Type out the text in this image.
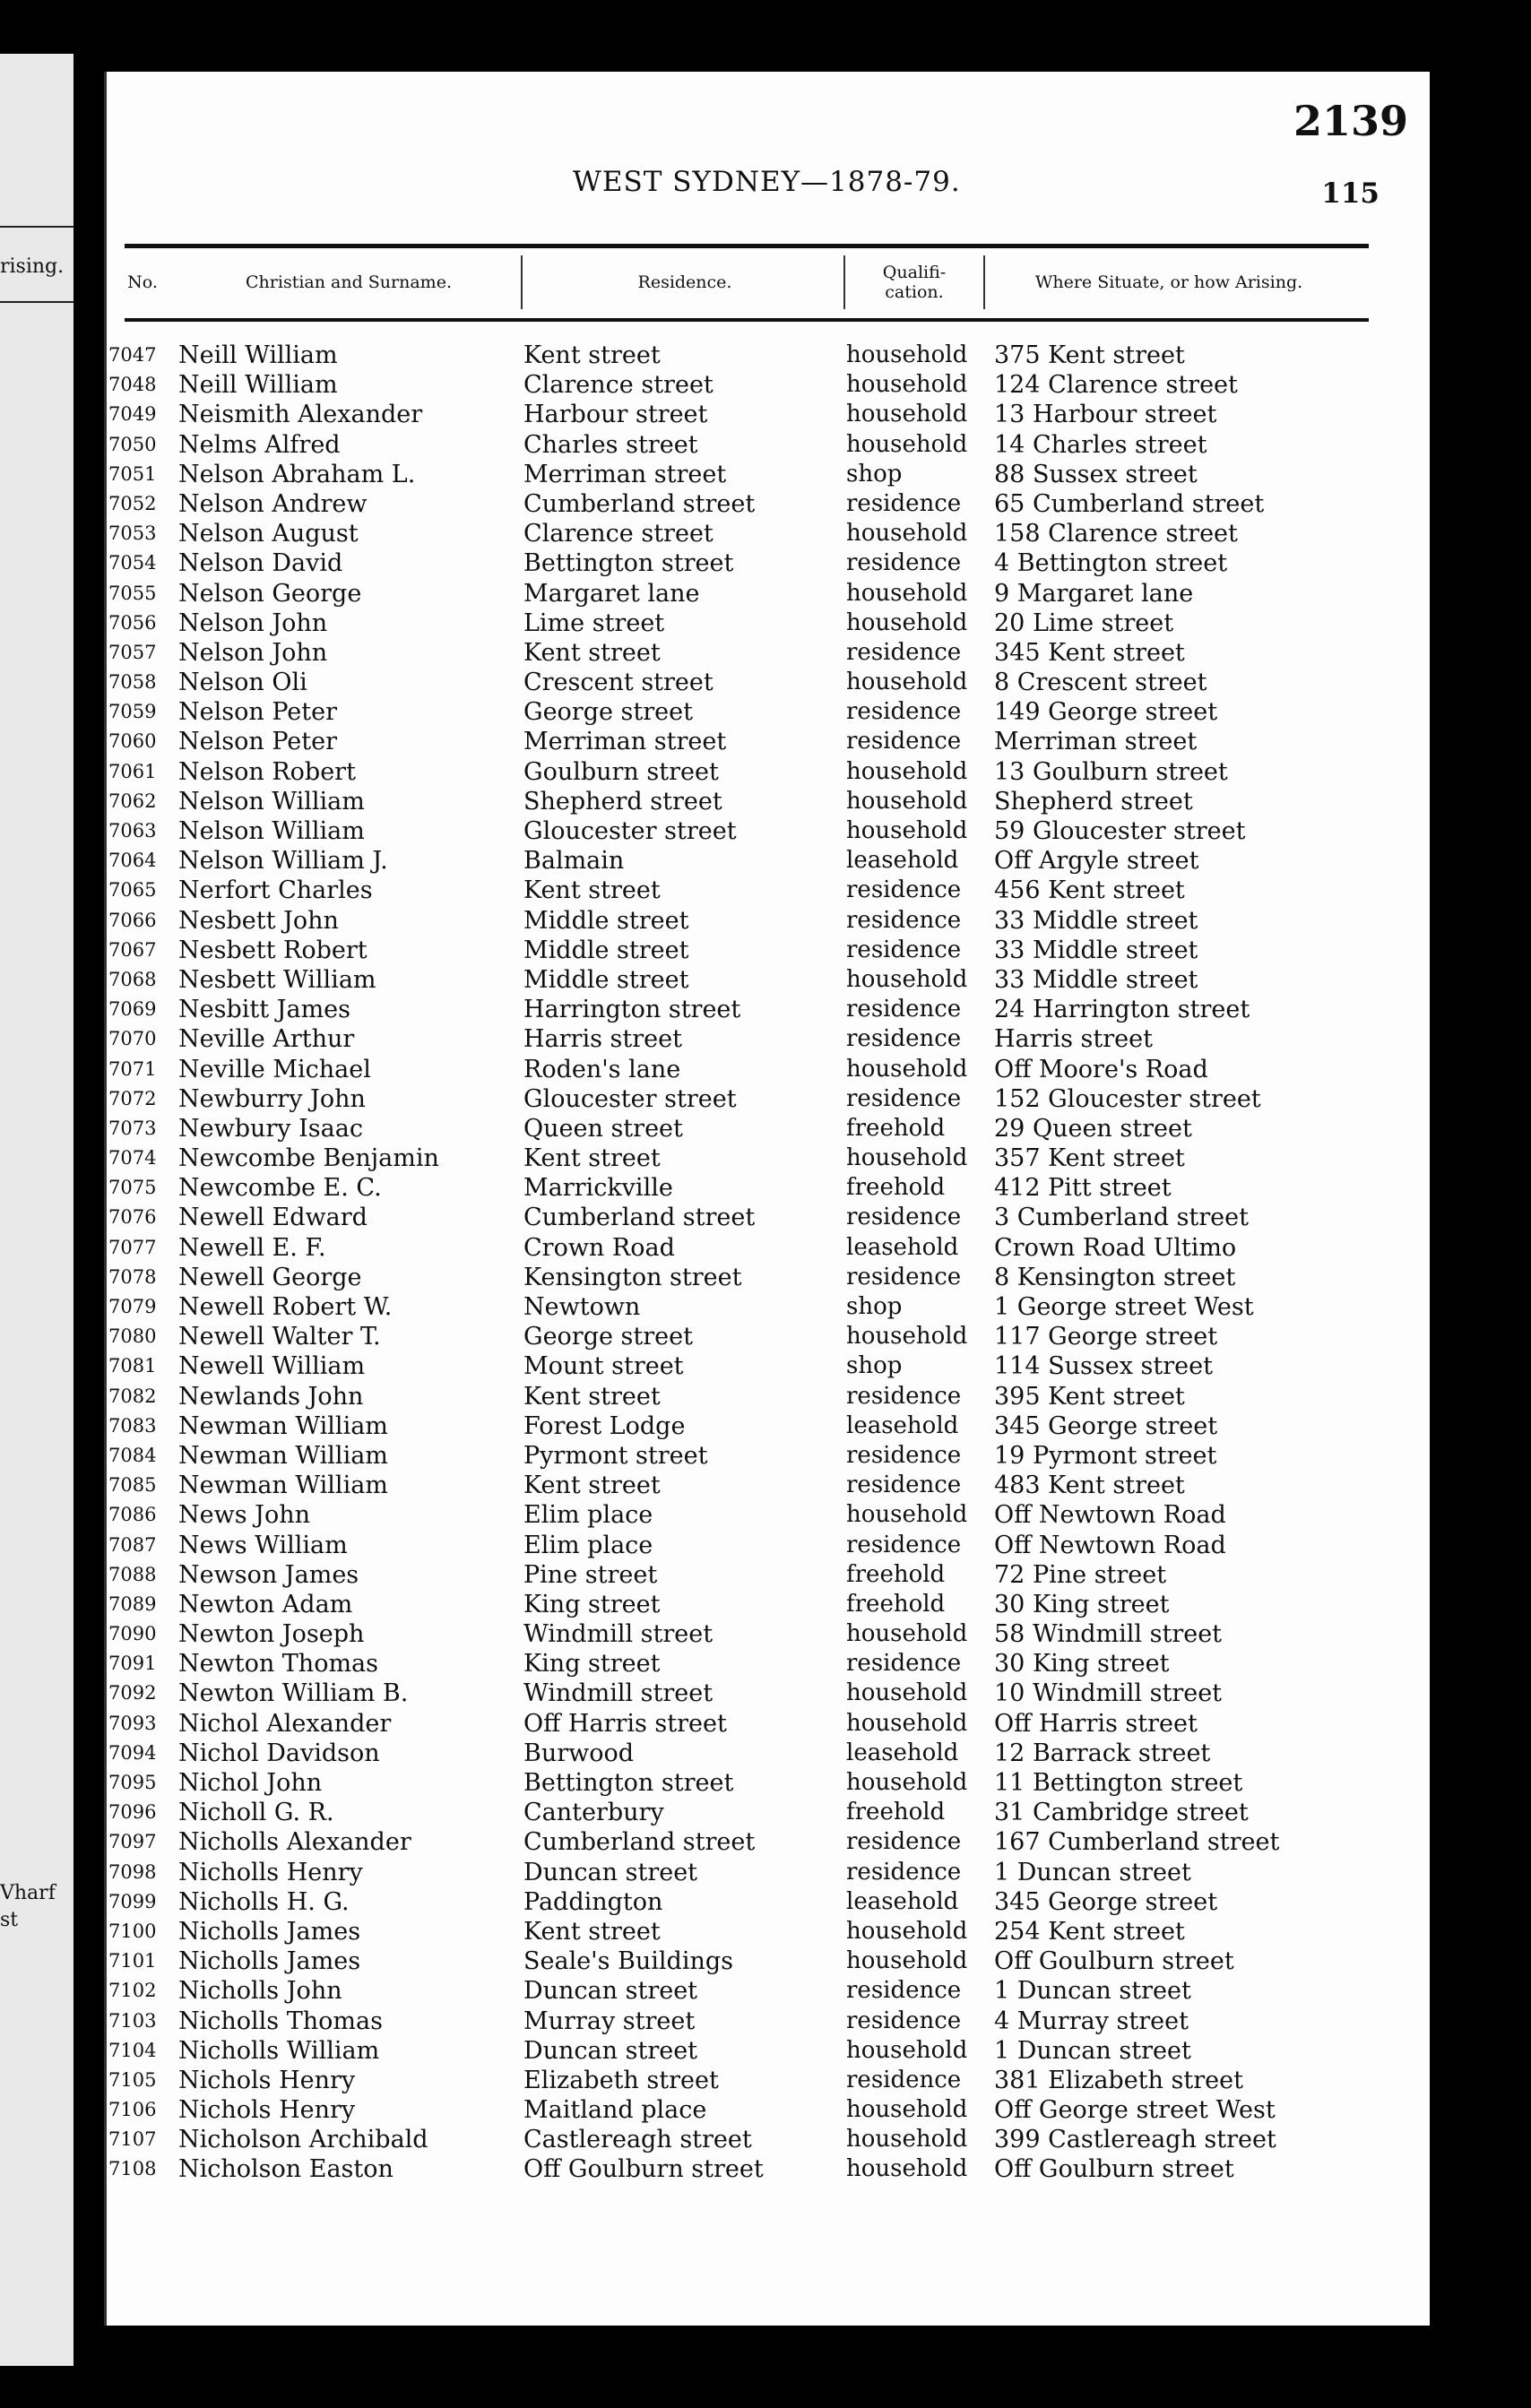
rising.
Vharf
st
2139
WEST SYDNEY—1878-79.	115
No.	Christian and Surname.	Residence.	Qualifi-
cation.	Where Situate, or how Arising.
7047 Neill William	Kent street	household 375 Kent street
7048 Neill William	Clarence street	household 124 Clarence street
7049 Neismith Alexander	Harbour street	household 13 Harbour street
7050 Nelms Alfred	Charles street	household 14 Charles street
7051 Nelson Abraham L.	Merriman street	shop	88 Sussex street
7052 Nelson Andrew	Cumberland street	residence 65 Cumberland street
7053 Nelson August	Clarence street	household 158 Clarence street
7054 Nelson David	Bettington street	residence 4 Bettington street
7055 Nelson George	Margaret lane	household 9 Margaret lane
7056 Nelson John	Lime street	household 20 Lime street
7057 Nelson John	Kent street	residence 345 Kent street
7058 Nelson Oli	Crescent street	household 8 Crescent street
7059 Nelson Peter	George street	residence 149 George street
7060 Nelson Peter	Merriman street	residence Merriman street
7061 Nelson Robert	Goulburn street	household 13 Goulburn street
7062 Nelson William	Shepherd street	household Shepherd street
7063 Nelson William	Gloucester street	household 59 Gloucester street
7064 Nelson William J.	Balmain	leasehold Off Argyle street
7065 Nerfort Charles	Kent street	residence 456 Kent street
7066 Nesbett John	Middle street	residence 33 Middle street
7067 Nesbett Robert	Middle street	residence 33 Middle street
7068 Nesbett William	Middle street	household 33 Middle street
7069 Nesbitt James	Harrington street	residence 24 Harrington street
7070 Neville Arthur	Harris street	residence Harris street
7071 Neville Michael	Roden's lane	household Off Moore's Road
7072 Newburry John	Gloucester street	residence 152 Gloucester street
7073 Newbury Isaac	Queen street	freehold 29 Queen street
7074 Newcombe Benjamin	Kent street	household 357 Kent street
7075 Newcombe E. C.	Marrickville	freehold 412 Pitt street
7076 Newell Edward	Cumberland street	residence 3 Cumberland street
7077 Newell E. F.	Crown Road	leasehold Crown Road Ultimo
7078 Newell George	Kensington street	residence 8 Kensington street
7079 Newell Robert W.	Newtown	shop	1 George street West
7080 Newell Walter T.	George street	household 117 George street
7081 Newell William	Mount street	shop	114 Sussex street
7082 Newlands John	Kent street	residence 395 Kent street
7083 Newman William	Forest Lodge	leasehold 345 George street
7084 Newman William	Pyrmont street	residence 19 Pyrmont street
7085 Newman William	Kent street	residence 483 Kent street
7086 News John	Elim place	household Off Newtown Road
7087 News William	Elim place	residence Off Newtown Road
7088 Newson James	Pine street	freehold 72 Pine street
7089 Newton Adam	King street	freehold 30 King street
7090 Newton Joseph	Windmill street	household 58 Windmill street
7091 Newton Thomas	King street	residence 30 King street
7092 Newton William B.	Windmill street	household 10 Windmill street
7093 Nichol Alexander	Off Harris street	household Off Harris street
7094 Nichol Davidson	Burwood	leasehold 12 Barrack street
7095 Nichol John	Bettington street	household 11 Bettington street
7096 Nicholl G. R.	Canterbury	freehold 31 Cambridge street
7097 Nicholls Alexander	Cumberland street	residence 167 Cumberland street
7098 Nicholls Henry	Duncan street	residence 1 Duncan street
7099 Nicholls H. G.	Paddington	leasehold 345 George street
7100 Nicholls James	Kent street	household 254 Kent street
7101 Nicholls James	Seale's Buildings	household Off Goulburn street
7102 Nicholls John	Duncan street	residence 1 Duncan street
7103 Nicholls Thomas	Murray street	residence 4 Murray street
7104 Nicholls William	Duncan street	household 1 Duncan street
7105 Nichols Henry	Elizabeth street	residence 381 Elizabeth street
7106 Nichols Henry	Maitland place	household Off George street West
7107 Nicholson Archibald	Castlereagh street	household 399 Castlereagh street
7108 Nicholson Easton	Off Goulburn street	household Off Goulburn street
